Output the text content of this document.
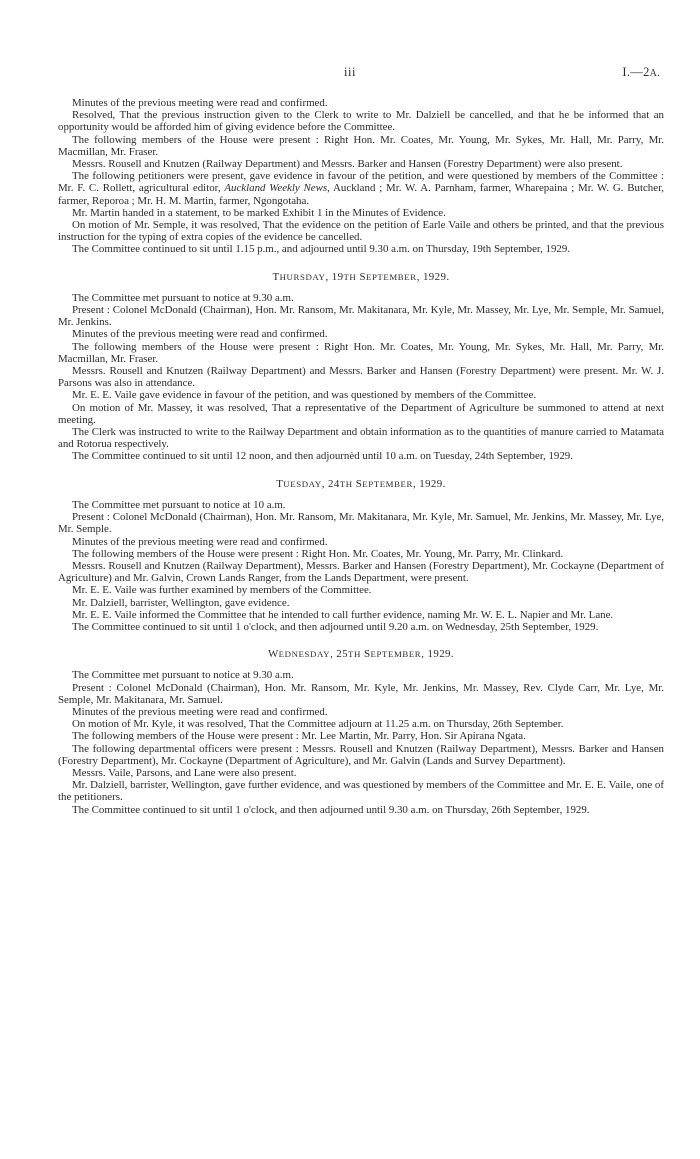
iii	I.—2A.

Minutes of the previous meeting were read and confirmed.

Resolved, That the previous instruction given to the Clerk to write to Mr. Dalziell be cancelled, and that he be informed that an opportunity would be afforded him of giving evidence before the Committee.

The following members of the House were present : Right Hon. Mr. Coates, Mr. Young, Mr. Sykes, Mr. Hall, Mr. Parry, Mr. Macmillan, Mr. Fraser.

Messrs. Rousell and Knutzen (Railway Department) and Messrs. Barker and Hansen (Forestry Department) were also present.

The following petitioners were present, gave evidence in favour of the petition, and were questioned by members of the Committee : Mr. F. C. Rollett, agricultural editor, Auckland Weekly News, Auckland ; Mr. W. A. Parnham, farmer, Wharepaina ; Mr. W. G. Butcher, farmer, Reporoa ; Mr. H. M. Martin, farmer, Ngongotaha.

Mr. Martin handed in a statement, to be marked Exhibit 1 in the Minutes of Evidence.

On motion of Mr. Semple, it was resolved, That the evidence on the petition of Earle Vaile and others be printed, and that the previous instruction for the typing of extra copies of the evidence be cancelled.

The Committee continued to sit until 1.15 p.m., and adjourned until 9.30 a.m. on Thursday, 19th September, 1929.

THURSDAY, 19TH SEPTEMBER, 1929.

The Committee met pursuant to notice at 9.30 a.m.

Present : Colonel McDonald (Chairman), Hon. Mr. Ransom, Mr. Makitanara, Mr. Kyle, Mr. Massey, Mr. Lye, Mr. Semple, Mr. Samuel, Mr. Jenkins.

Minutes of the previous meeting were read and confirmed.

The following members of the House were present : Right Hon. Mr. Coates, Mr. Young, Mr. Sykes, Mr. Hall, Mr. Parry, Mr. Macmillan, Mr. Fraser.

Messrs. Rousell and Knutzen (Railway Department) and Messrs. Barker and Hansen (Forestry Department) were present. Mr. W. J. Parsons was also in attendance.

Mr. E. E. Vaile gave evidence in favour of the petition, and was questioned by members of the Committee.

On motion of Mr. Massey, it was resolved, That a representative of the Department of Agriculture be summoned to attend at next meeting.

The Clerk was instructed to write to the Railway Department and obtain information as to the quantities of manure carried to Matamata and Rotorua respectively.

The Committee continued to sit until 12 noon, and then adjournèd until 10 a.m. on Tuesday, 24th September, 1929.

TUESDAY, 24TH SEPTEMBER, 1929.

The Committee met pursuant to notice at 10 a.m.

Present : Colonel McDonald (Chairman), Hon. Mr. Ransom, Mr. Makitanara, Mr. Kyle, Mr. Samuel, Mr. Jenkins, Mr. Massey, Mr. Lye, Mr. Semple.

Minutes of the previous meeting were read and confirmed.

The following members of the House were present : Right Hon. Mr. Coates, Mr. Young, Mr. Parry, Mr. Clinkard.

Messrs. Rousell and Knutzen (Railway Department), Messrs. Barker and Hansen (Forestry Department), Mr. Cockayne (Department of Agriculture) and Mr. Galvin, Crown Lands Ranger, from the Lands Department, were present.

Mr. E. E. Vaile was further examined by members of the Committee.

Mr. Dalziell, barrister, Wellington, gave evidence.

Mr. E. E. Vaile informed the Committee that he intended to call further evidence, naming Mr. W. E. L. Napier and Mr. Lane.

The Committee continued to sit until 1 o'clock, and then adjourned until 9.20 a.m. on Wednesday, 25th September, 1929.

WEDNESDAY, 25TH SEPTEMBER, 1929.

The Committee met pursuant to notice at 9.30 a.m.

Present : Colonel McDonald (Chairman), Hon. Mr. Ransom, Mr. Kyle, Mr. Jenkins, Mr. Massey, Rev. Clyde Carr, Mr. Lye, Mr. Semple, Mr. Makitanara, Mr. Samuel.

Minutes of the previous meeting were read and confirmed.

On motion of Mr. Kyle, it was resolved, That the Committee adjourn at 11.25 a.m. on Thursday, 26th September.

The following members of the House were present : Mr. Lee Martin, Mr. Parry, Hon. Sir Apirana Ngata.

The following departmental officers were present : Messrs. Rousell and Knutzen (Railway Department), Messrs. Barker and Hansen (Forestry Department), Mr. Cockayne (Department of Agriculture), and Mr. Galvin (Lands and Survey Department).

Messrs. Vaile, Parsons, and Lane were also present.

Mr. Dalziell, barrister, Wellington, gave further evidence, and was questioned by members of the Committee and Mr. E. E. Vaile, one of the petitioners.

The Committee continued to sit until 1 o'clock, and then adjourned until 9.30 a.m. on Thursday, 26th September, 1929.
